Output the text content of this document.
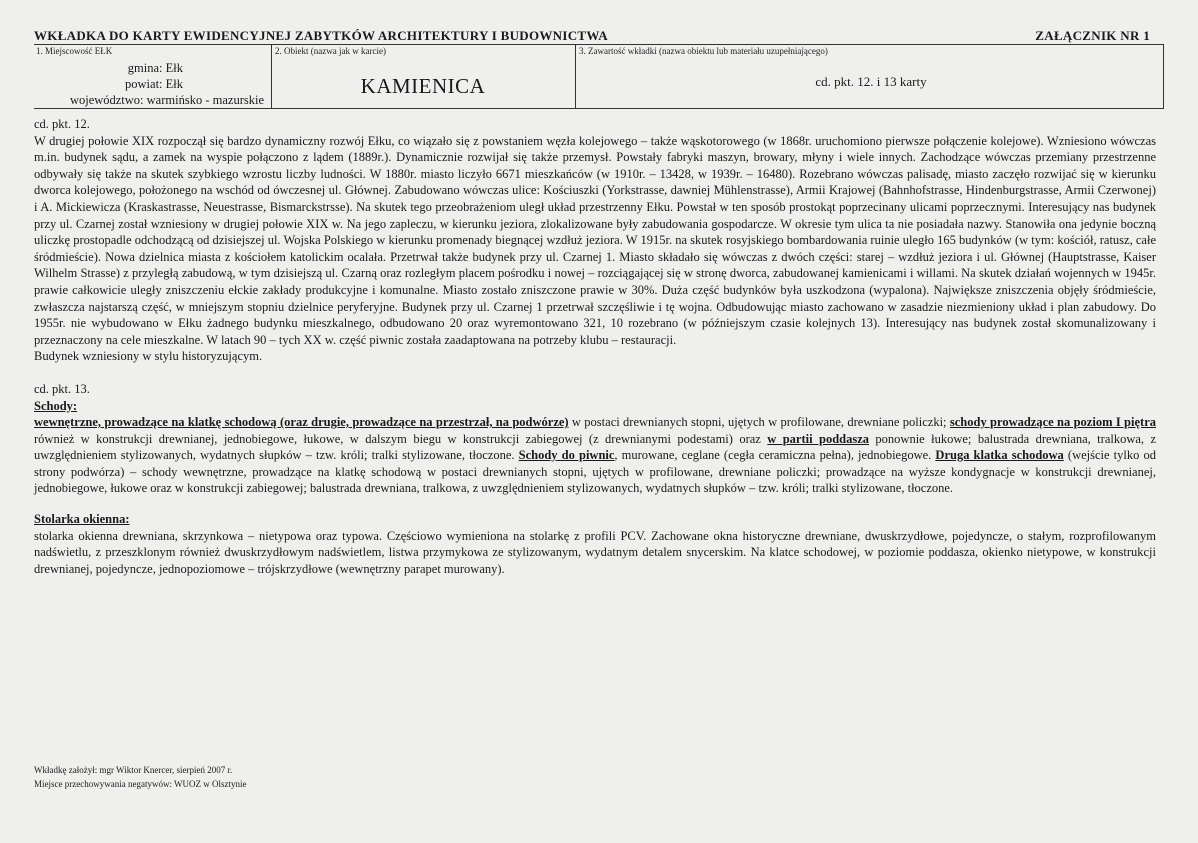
WKŁADKA DO KARTY EWIDENCYJNEJ ZABYTKÓW ARCHITEKTURY I BUDOWNICTWA	ZAŁĄCZNIK NR 1
1. Miejscowość EŁK
gmina: Ełk
powiat: Ełk
województwo: warmińsko - mazurskie
2. Obiekt (nazwa jak w karcie)
KAMIENICA
3. Zawartość wkładki (nazwa obiektu lub materiału uzupełniającego)
cd. pkt. 12. i 13 karty

cd. pkt. 12.

W drugiej połowie XIX rozpoczął się bardzo dynamiczny rozwój Ełku, co wiązało się z powstaniem węzła kolejowego – także wąskotorowego (w 1868r. uruchomiono pierwsze połączenie kolejowe). Wzniesiono wówczas m.in. budynek sądu, a zamek na wyspie połączono z lądem (1889r.). Dynamicznie rozwijał się także przemysł. Powstały fabryki maszyn, browary, młyny i wiele innych. Zachodzące wówczas przemiany przestrzenne odbywały się także na skutek szybkiego wzrostu liczby ludności. W 1880r. miasto liczyło 6671 mieszkańców (w 1910r. – 13428, w 1939r. – 16480). Rozebrano wówczas palisadę, miasto zaczęło rozwijać się w kierunku dworca kolejowego, położonego na wschód od ówczesnej ul. Głównej. Zabudowano wówczas ulice: Kościuszki (Yorkstrasse, dawniej Mühlenstrasse), Armii Krajowej (Bahnhofstrasse, Hindenburgstrasse, Armii Czerwonej) i A. Mickiewicza (Kraskastrasse, Neuestrasse, Bismarckstrsse). Na skutek tego przeobrażeniom uległ układ przestrzenny Ełku. Powstał w ten sposób prostokąt poprzecinany ulicami poprzecznymi. Interesujący nas budynek przy ul. Czarnej został wzniesiony w drugiej połowie XIX w. Na jego zapleczu, w kierunku jeziora, zlokalizowane były zabudowania gospodarcze. W okresie tym ulica ta nie posiadała nazwy. Stanowiła ona jedynie boczną uliczkę prostopadle odchodzącą od dzisiejszej ul. Wojska Polskiego w kierunku promenady biegnącej wzdłuż jeziora. W 1915r. na skutek rosyjskiego bombardowania ruinie uległo 165 budynków (w tym: kościół, ratusz, całe śródmieście). Nowa dzielnica miasta z kościołem katolickim ocalała. Przetrwał także budynek przy ul. Czarnej 1. Miasto składało się wówczas z dwóch części: starej – wzdłuż jeziora i ul. Głównej (Hauptstrasse, Kaiser Wilhelm Strasse) z przyległą zabudową, w tym dzisiejszą ul. Czarną oraz rozległym placem pośrodku i nowej – rozciągającej się w stronę dworca, zabudowanej kamienicami i willami. Na skutek działań wojennych w 1945r. prawie całkowicie uległy zniszczeniu ełckie zakłady produkcyjne i komunalne. Miasto zostało zniszczone prawie w 30%. Duża część budynków była uszkodzona (wypalona). Największe zniszczenia objęły śródmieście, zwłaszcza najstarszą część, w mniejszym stopniu dzielnice peryferyjne. Budynek przy ul. Czarnej 1 przetrwał szczęśliwie i tę wojna. Odbudowując miasto zachowano w zasadzie niezmieniony układ i plan zabudowy. Do 1955r. nie wybudowano w Ełku żadnego budynku mieszkalnego, odbudowano 20 oraz wyremontowano 321, 10 rozebrano (w późniejszym czasie kolejnych 13). Interesujący nas budynek został skomunalizowany i przeznaczony na cele mieszkalne. W latach 90 – tych XX w. część piwnic została zaadaptowana na potrzeby klubu – restauracji.

Budynek wzniesiony w stylu historyzującym.

cd. pkt. 13.

Schody:

wewnętrzne, prowadzące na klatkę schodową (oraz drugie, prowadzące na przestrzał, na podwórze) w postaci drewnianych stopni, ujętych w profilowane, drewniane policzki; schody prowadzące na poziom I piętra również w konstrukcji drewnianej, jednobiegowe, łukowe, w dalszym biegu w konstrukcji zabiegowej (z drewnianymi podestami) oraz w partii poddasza ponownie łukowe; balustrada drewniana, tralkowa, z uwzględnieniem stylizowanych, wydatnych słupków – tzw. króli; tralki stylizowane, tłoczone. Schody do piwnic, murowane, ceglane (cegła ceramiczna pełna), jednobiegowe. Druga klatka schodowa (wejście tylko od strony podwórza) – schody wewnętrzne, prowadzące na klatkę schodową w postaci drewnianych stopni, ujętych w profilowane, drewniane policzki; prowadzące na wyższe kondygnacje w konstrukcji drewnianej, jednobiegowe, łukowe oraz w konstrukcji zabiegowej; balustrada drewniana, tralkowa, z uwzględnieniem stylizowanych, wydatnych słupków – tzw. króli; tralki stylizowane, tłoczone.

Stolarka okienna:

stolarka okienna drewniana, skrzynkowa – nietypowa oraz typowa. Częściowo wymieniona na stolarkę z profili PCV. Zachowane okna historyczne drewniane, dwuskrzydłowe, pojedyncze, o stałym, rozprofilowanym nadświetlu, z przeszklonym również dwuskrzydłowym nadświetlem, listwa przymykowa ze stylizowanym, wydatnym detalem snycerskim. Na klatce schodowej, w poziomie poddasza, okienko nietypowe, w konstrukcji drewnianej, pojedyncze, jednopoziomowe – trójskrzydłowe (wewnętrzny parapet murowany).

Wkładkę założył: mgr Wiktor Knercer, sierpień 2007 r.
Miejsce przechowywania negatywów: WUOZ w Olsztynie
